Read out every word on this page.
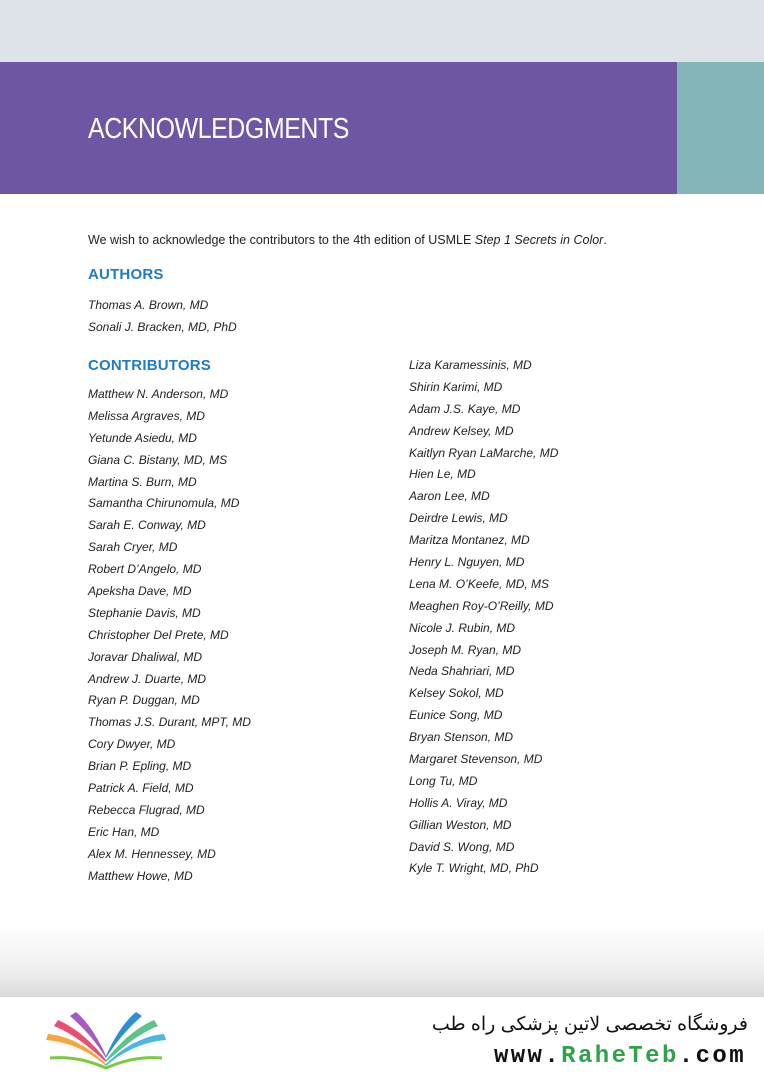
ACKNOWLEDGMENTS

We wish to acknowledge the contributors to the 4th edition of USMLE Step 1 Secrets in Color.

AUTHORS
Thomas A. Brown, MD
Sonali J. Bracken, MD, PhD
CONTRIBUTORS
Matthew N. Anderson, MD
Melissa Argraves, MD
Yetunde Asiedu, MD
Giana C. Bistany, MD, MS
Martina S. Burn, MD
Samantha Chirunomula, MD
Sarah E. Conway, MD
Sarah Cryer, MD
Robert D’Angelo, MD
Apeksha Dave, MD
Stephanie Davis, MD
Christopher Del Prete, MD
Joravar Dhaliwal, MD
Andrew J. Duarte, MD
Ryan P. Duggan, MD
Thomas J.S. Durant, MPT, MD
Cory Dwyer, MD
Brian P. Epling, MD
Patrick A. Field, MD
Rebecca Flugrad, MD
Eric Han, MD
Alex M. Hennessey, MD
Matthew Howe, MD
Liza Karamessinis, MD
Shirin Karimi, MD
Adam J.S. Kaye, MD
Andrew Kelsey, MD
Kaitlyn Ryan LaMarche, MD
Hien Le, MD
Aaron Lee, MD
Deirdre Lewis, MD
Maritza Montanez, MD
Henry L. Nguyen, MD
Lena M. O’Keefe, MD, MS
Meaghen Roy-O’Reilly, MD
Nicole J. Rubin, MD
Joseph M. Ryan, MD
Neda Shahriari, MD
Kelsey Sokol, MD
Eunice Song, MD
Bryan Stenson, MD
Margaret Stevenson, MD
Long Tu, MD
Hollis A. Viray, MD
Gillian Weston, MD
David S. Wong, MD
Kyle T. Wright, MD, PhD
فروشگاه تخصصی لاتین پزشکی راه طب
www.RaheTeb.com
